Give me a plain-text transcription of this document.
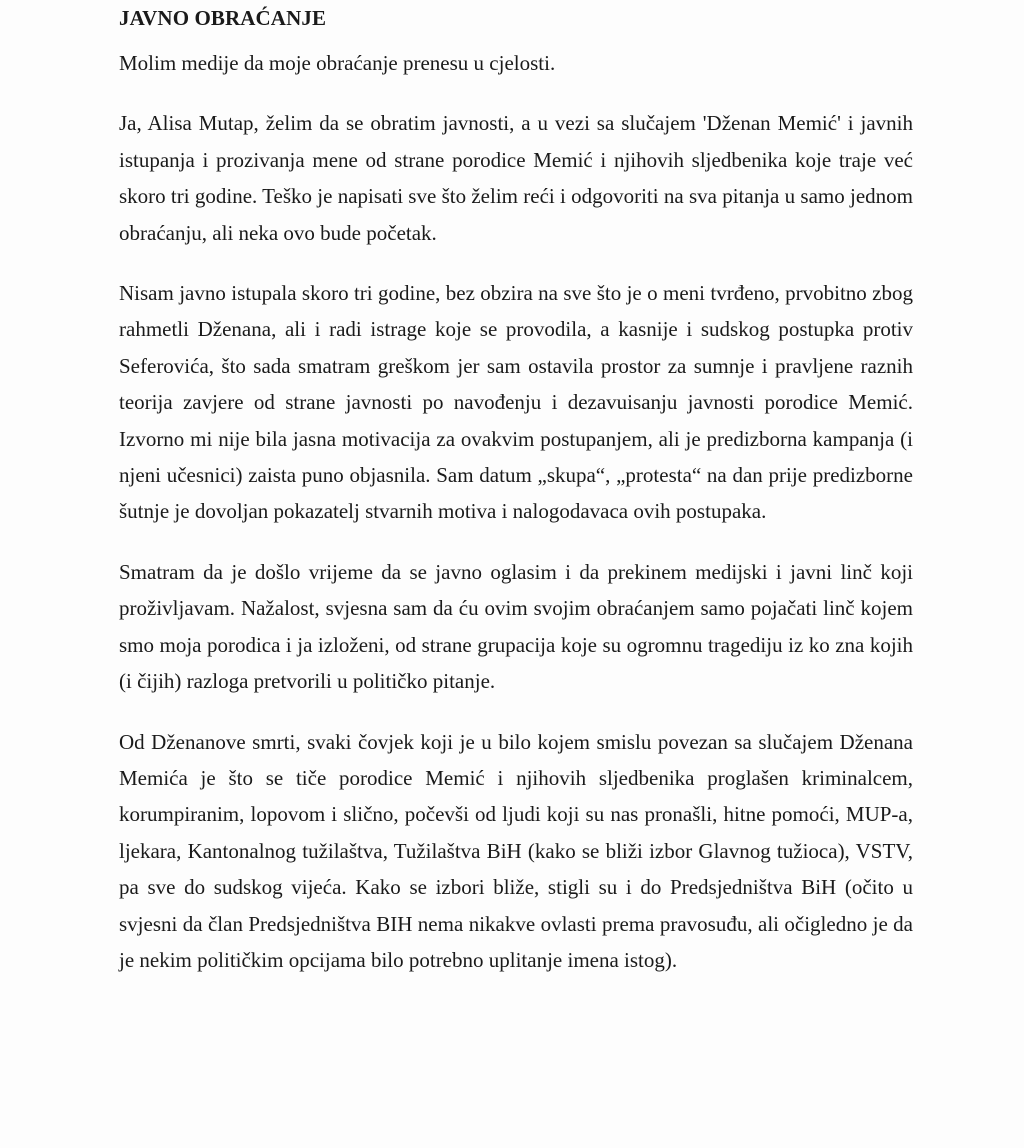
JAVNO OBRAĆANJE

Molim medije da moje obraćanje prenesu u cjelosti.

Ja, Alisa Mutap, želim da se obratim javnosti, a u vezi sa slučajem 'Dženan Memić' i javnih istupanja i prozivanja mene od strane porodice Memić i njihovih sljedbenika koje traje već skoro tri godine. Teško je napisati sve što želim reći i odgovoriti na sva pitanja u samo jednom obraćanju, ali neka ovo bude početak.

Nisam javno istupala skoro tri godine, bez obzira na sve što je o meni tvrđeno, prvobitno zbog rahmetli Dženana, ali i radi istrage koje se provodila, a kasnije i sudskog postupka protiv Seferovića, što sada smatram greškom jer sam ostavila prostor za sumnje i pravljene raznih teorija zavjere od strane javnosti po navođenju i dezavuisanju javnosti porodice Memić. Izvorno mi nije bila jasna motivacija za ovakvim postupanjem, ali je predizborna kampanja (i njeni učesnici) zaista puno objasnila. Sam datum „skupa“, „protesta“ na dan prije predizborne šutnje je dovoljan pokazatelj stvarnih motiva i nalogodavaca ovih postupaka.

Smatram da je došlo vrijeme da se javno oglasim i da prekinem medijski i javni linč koji proživljavam. Nažalost, svjesna sam da ću ovim svojim obraćanjem samo pojačati linč kojem smo moja porodica i ja izloženi, od strane grupacija koje su ogromnu tragediju iz ko zna kojih (i čijih) razloga pretvorili u političko pitanje.

Od Dženanove smrti, svaki čovjek koji je u bilo kojem smislu povezan sa slučajem Dženana Memića je što se tiče porodice Memić i njihovih sljedbenika proglašen kriminalcem, korumpiranim, lopovom i slično, počevši od ljudi koji su nas pronašli, hitne pomoći, MUP-a, ljekara, Kantonalnog tužilaštva, Tužilaštva BiH (kako se bliži izbor Glavnog tužioca), VSTV, pa sve do sudskog vijeća. Kako se izbori bliže, stigli su i do Predsjedništva BiH (očito u svjesni da član Predsjedništva BIH nema nikakve ovlasti prema pravosuđu, ali očigledno je da je nekim političkim opcijama bilo potrebno uplitanje imena istog).
